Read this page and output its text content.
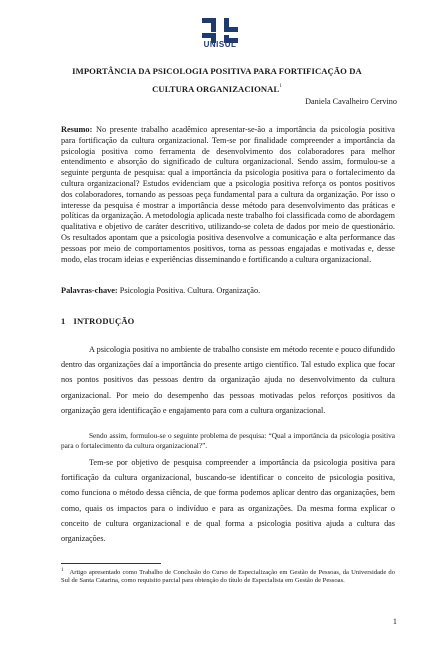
UNISUL
IMPORTÂNCIA DA PSICOLOGIA POSITIVA PARA FORTIFICAÇÃO DA CULTURA ORGANIZACIONAL$^1$
Daniela Cavalheiro Cervino
Resumo: No presente trabalho acadêmico apresentar-se-ão a importância da psicologia positiva para fortificação da cultura organizacional. Tem-se por finalidade compreender a importância da psicologia positiva como ferramenta de desenvolvimento dos colaboradores para melhor entendimento e absorção do significado de cultura organizacional. Sendo assim, formulou-se a seguinte pergunta de pesquisa: qual a importância da psicologia positiva para o fortalecimento da cultura organizacional? Estudos evidenciam que a psicologia positiva reforça os pontos positivos dos colaboradores, tornando as pessoas peça fundamental para a cultura da organização. Por isso o interesse da pesquisa é mostrar a importância desse método para desenvolvimento das práticas e políticas da organização. A metodologia aplicada neste trabalho foi classificada como de abordagem qualitativa e objetivo de caráter descritivo, utilizando-se coleta de dados por meio de questionário. Os resultados apontam que a psicologia positiva desenvolve a comunicação e alta performance das pessoas por meio de comportamentos positivos, torna as pessoas engajadas e motivadas e, desse modo, elas trocam ideias e experiências disseminando e fortificando a cultura organizacional.
Palavras-chave: Psicologia Positiva. Cultura. Organização.
1 INTRODUÇÃO

A psicologia positiva no ambiente de trabalho consiste em método recente e pouco difundido dentro das organizações daí a importância do presente artigo científico. Tal estudo explica que focar nos pontos positivos das pessoas dentro da organização ajuda no desenvolvimento da cultura organizacional. Por meio do desempenho das pessoas motivadas pelos reforços positivos da organização gera identificação e engajamento para com a cultura organizacional.

Sendo assim, formulou-se o seguinte problema de pesquisa: “Qual a importância da psicologia positiva para o fortalecimento da cultura organizacional?”.

Tem-se por objetivo de pesquisa compreender a importância da psicologia positiva para fortificação da cultura organizacional, buscando-se identificar o conceito de psicologia positiva, como funciona o método dessa ciência, de que forma podemos aplicar dentro das organizações, bem como, quais os impactos para o indivíduo e para as organizações. Da mesma forma explicar o conceito de cultura organizacional e de qual forma a psicologia positiva ajuda a cultura das organizações.

$^1$ Artigo apresentado como Trabalho de Conclusão do Curso de Especialização em Gestão de Pessoas, da Universidade do Sul de Santa Catarina, como requisito parcial para obtenção do título de Especialista em Gestão de Pessoas.
1
